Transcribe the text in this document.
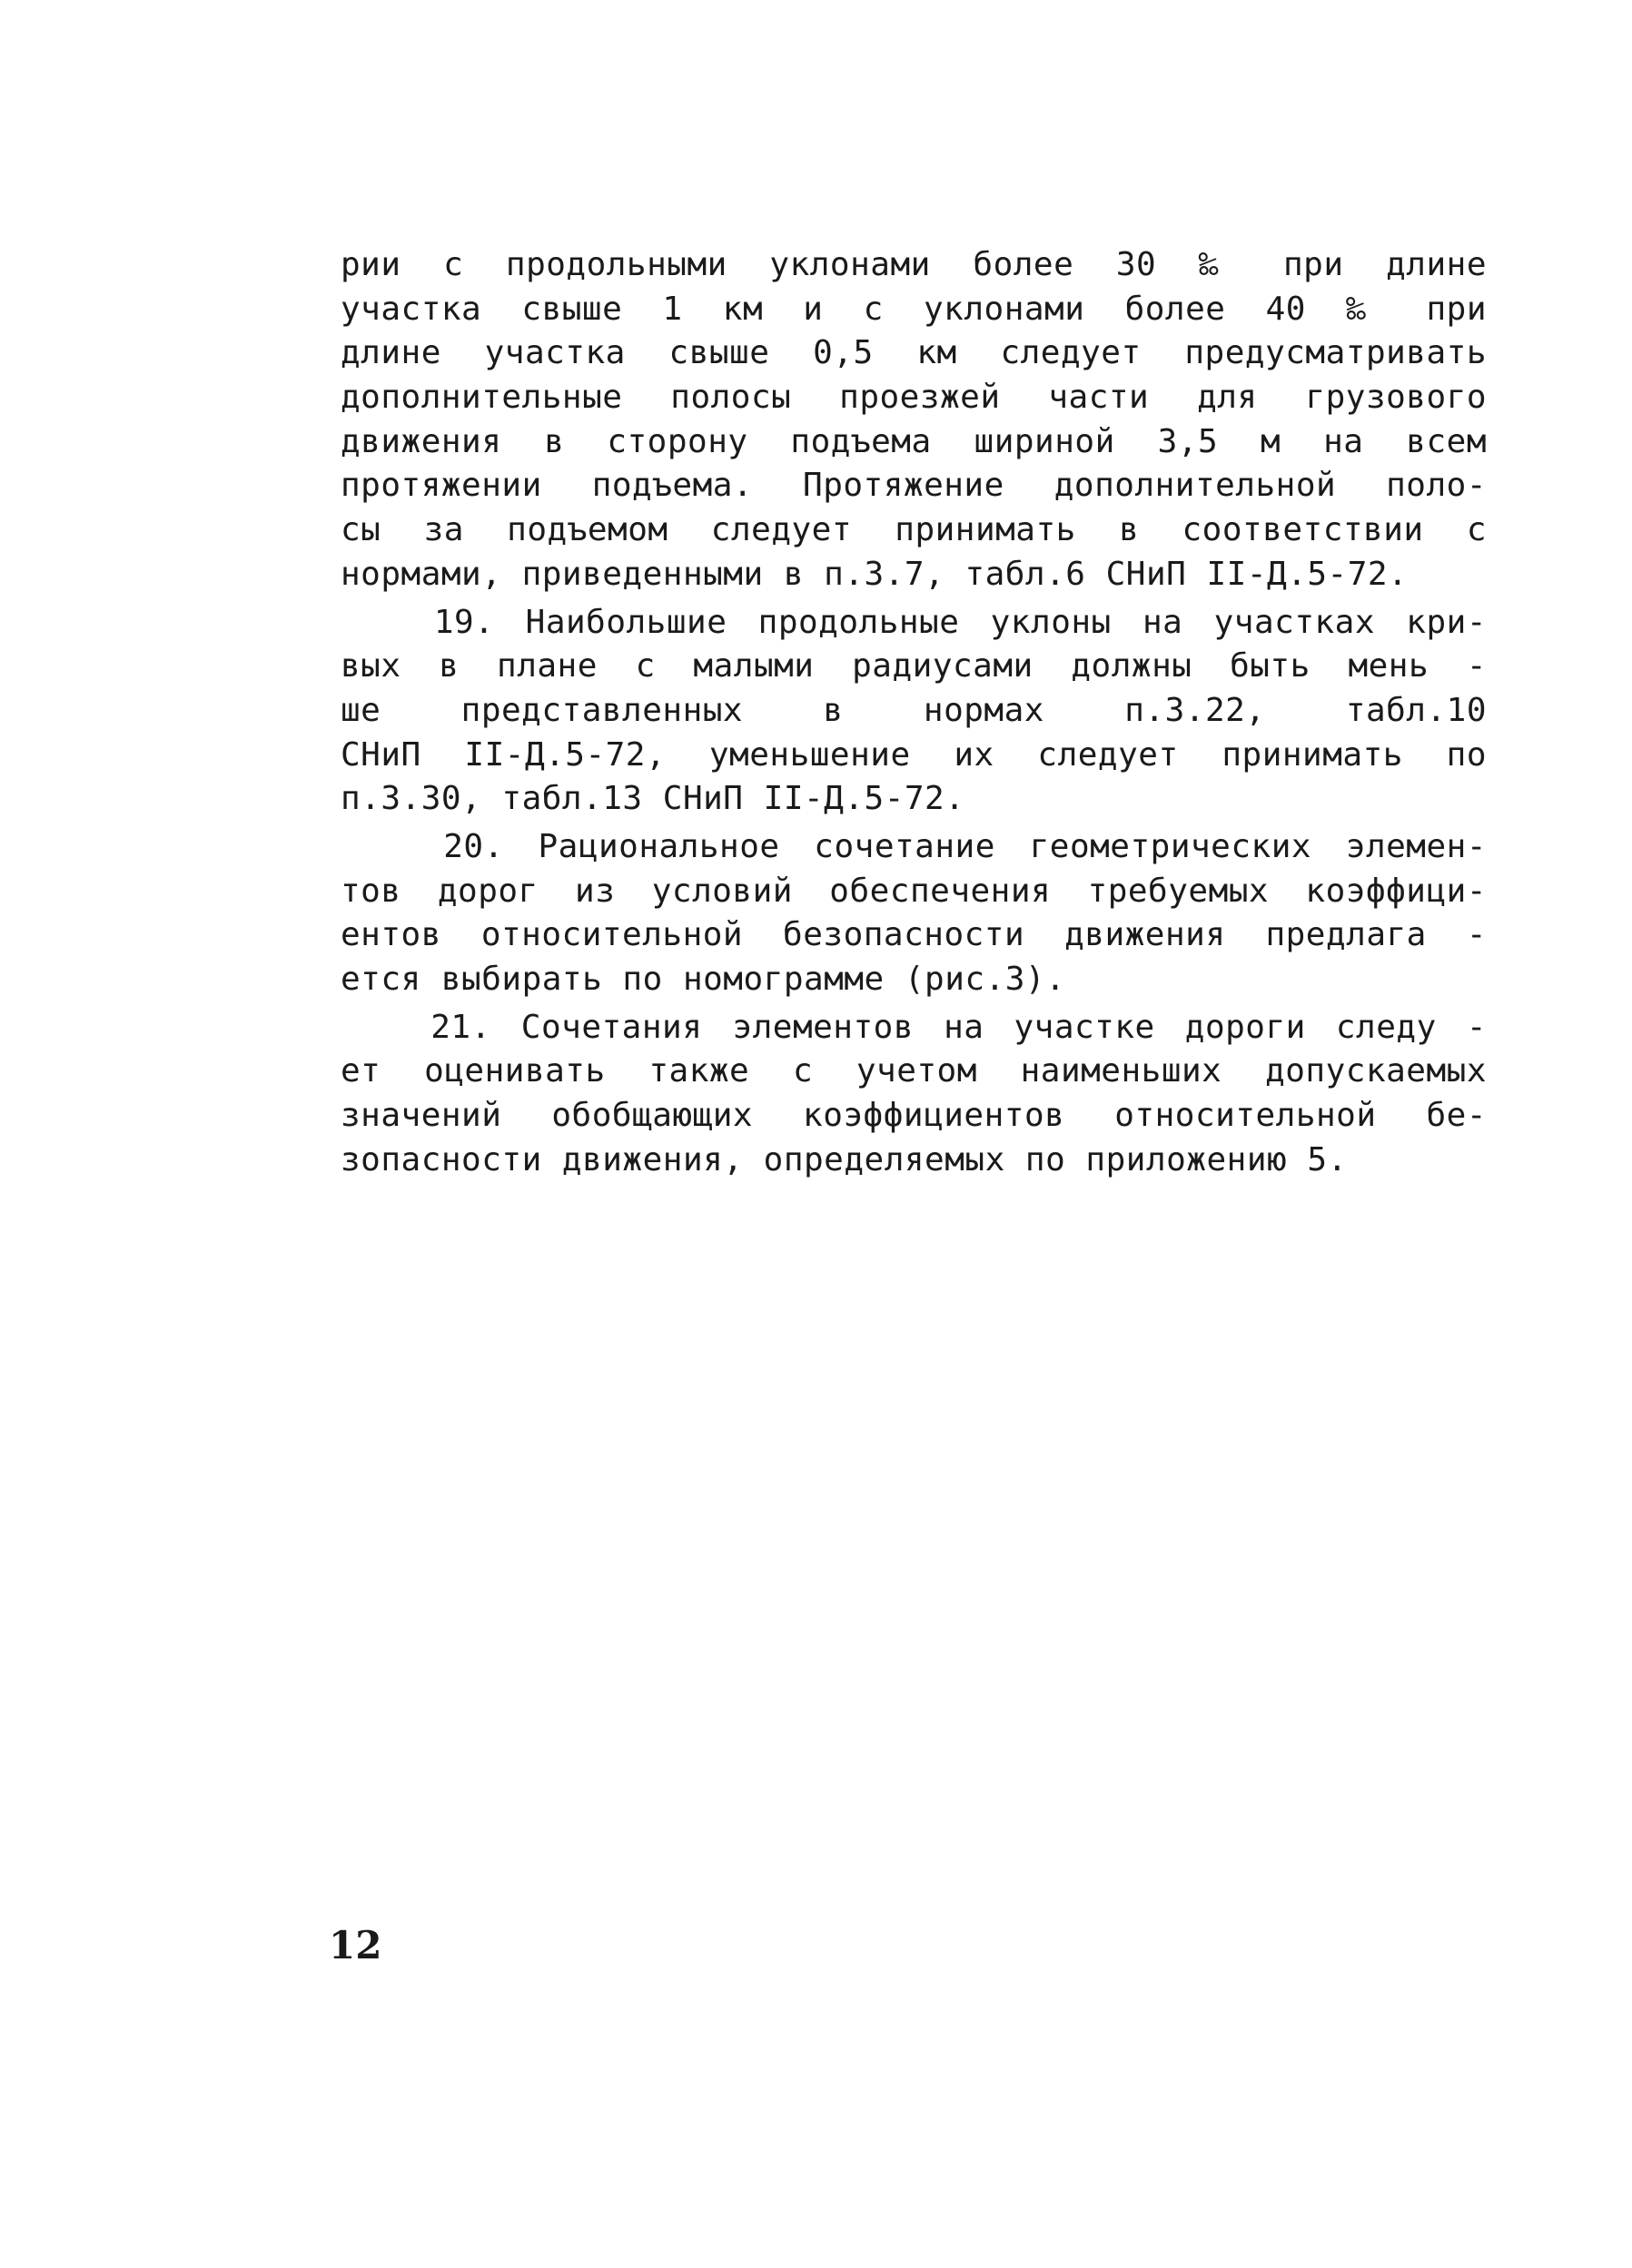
рии с продольными уклонами более 30 ‰ при длине
участка свыше 1 км и с уклонами более 40 ‰ при
длине участка свыше 0,5 км следует предусматривать
дополнительные полосы проезжей части для грузового
движения в сторону подъема шириной 3,5 м на всем
протяжении подъема. Протяжение дополнительной поло-
сы за подъемом следует принимать в соответствии с
нормами, приведенными в п.3.7, табл.6 СНиП II-Д.5-72.
19. Наибольшие продольные уклоны на участках кри-
вых в плане с малыми радиусами должны быть мень -
ше представленных в нормах п.3.22, табл.10
СНиП II-Д.5-72, уменьшение их следует принимать по
п.3.30, табл.13 СНиП II-Д.5-72.
20. Рациональное сочетание геометрических элемен-
тов дорог из условий обеспечения требуемых коэффици-
ентов относительной безопасности движения предлага -
ется выбирать по номограмме (рис.3).
21. Сочетания элементов на участке дороги следу -
ет оценивать также с учетом наименьших допускаемых
значений обобщающих коэффициентов относительной бе-
зопасности движения, определяемых по приложению 5.
12
